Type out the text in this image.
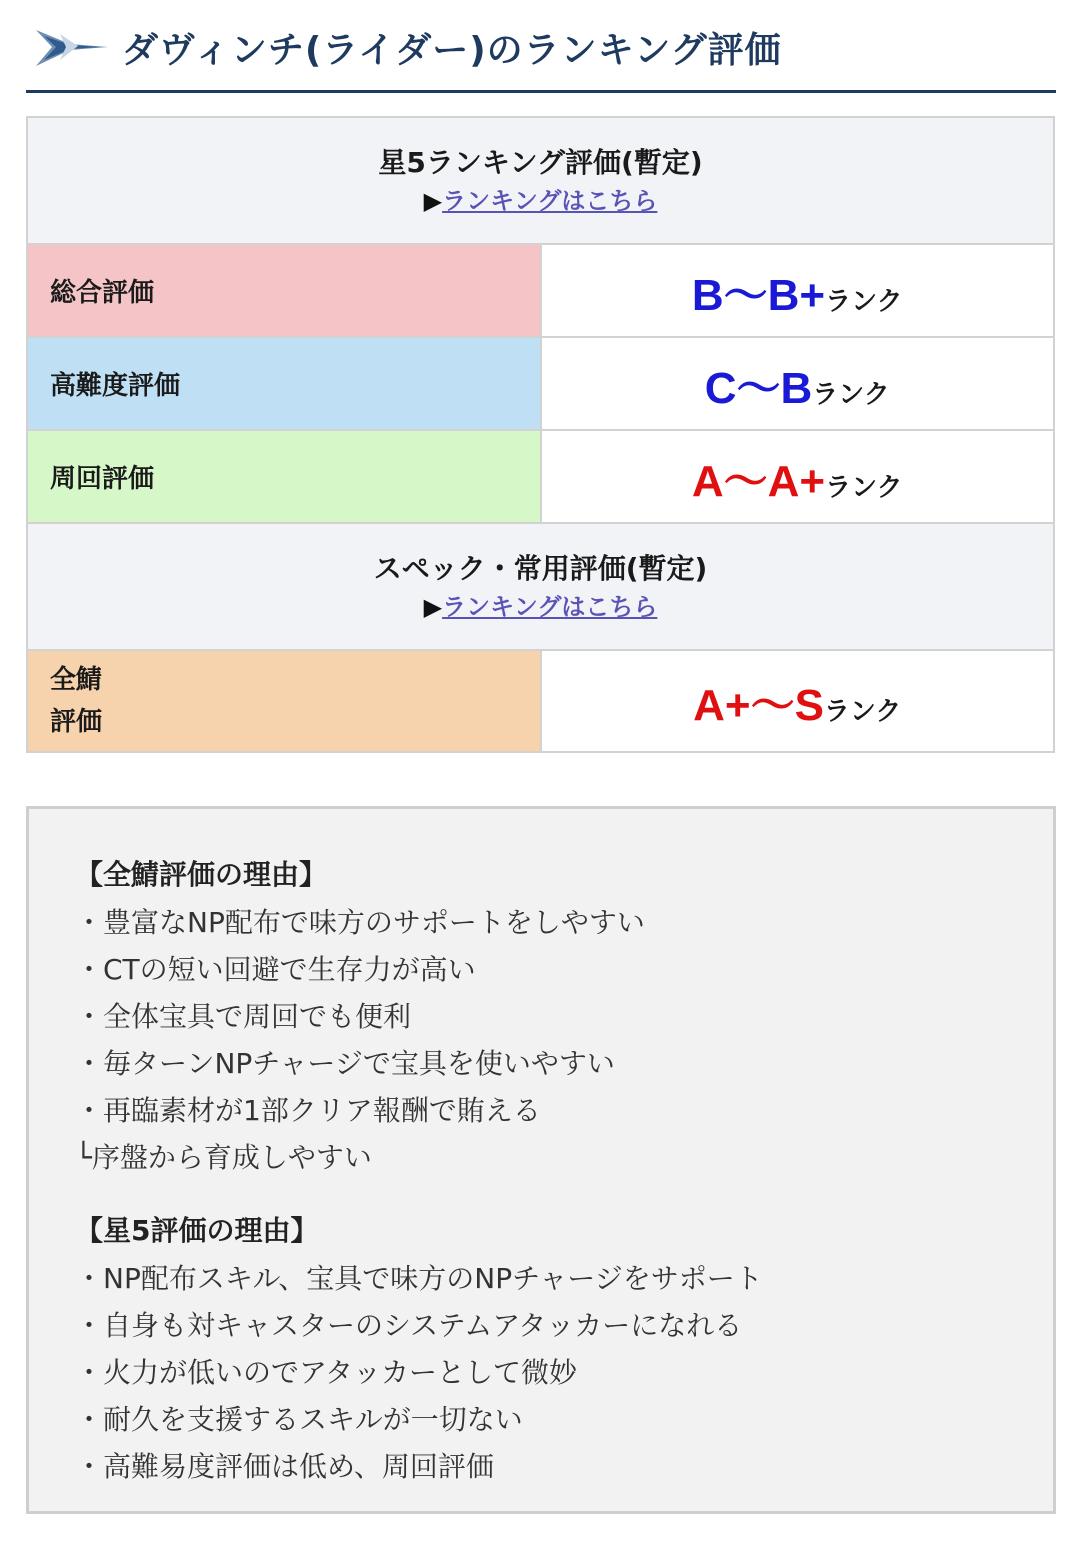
ダヴィンチ(ライダー)のランキング評価
星5ランキング評価(暫定)
▶ランキングはこちら	

総合評価	B〜B+ランク
高難度評価	C〜Bランク
周回評価	A〜A+ランク

スペック・常用評価(暫定)
▶ランキングはこちら	

全鯖
評価	A+〜Sランク
【全鯖評価の理由】
・豊富なNP配布で味方のサポートをしやすい
・CTの短い回避で生存力が高い
・全体宝具で周回でも便利
・毎ターンNPチャージで宝具を使いやすい
・再臨素材が1部クリア報酬で賄える
└序盤から育成しやすい
【星5評価の理由】
・NP配布スキル、宝具で味方のNPチャージをサポート
・自身も対キャスターのシステムアタッカーになれる
・火力が低いのでアタッカーとして微妙
・耐久を支援するスキルが一切ない
・高難易度評価は低め、周回評価
